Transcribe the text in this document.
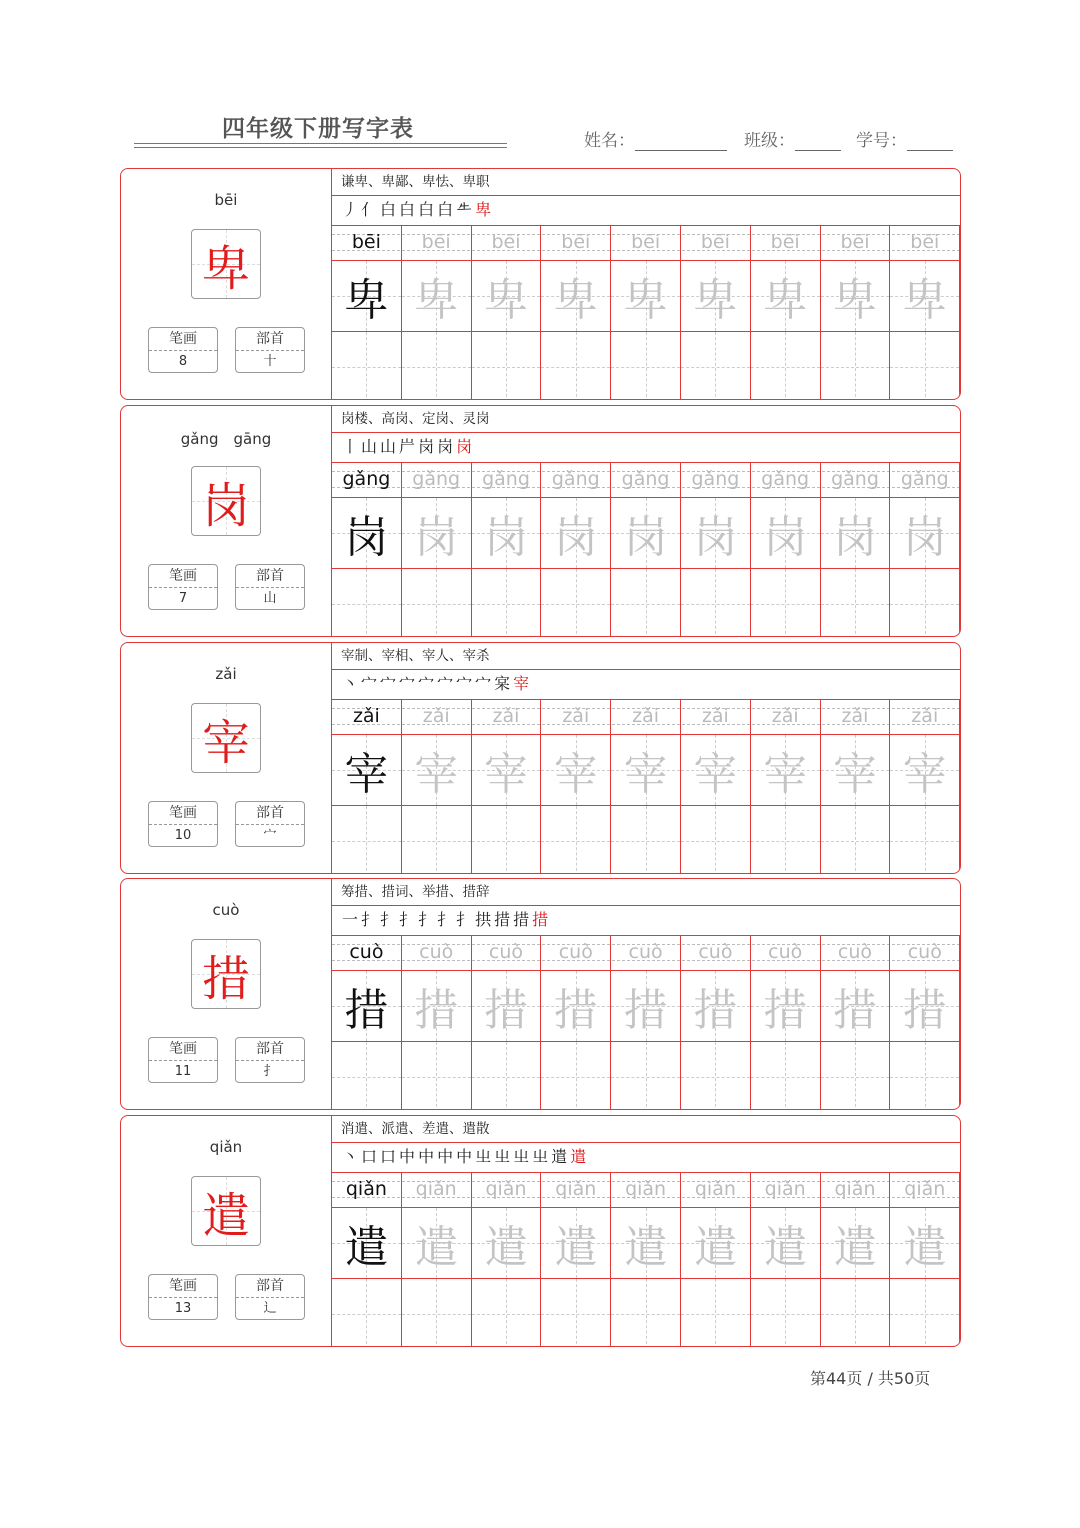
四年级下册写字表	姓名：	班级：	学号：
bēi
卑
笔画
8
部首
十
谦卑、卑鄙、卑怯、卑职
丿亻白白白白𠂒卑
bēi	bēi	bēi	bēi	bēi	bēi	bēi	bēi	bēi
卑 卑 卑 卑 卑 卑 卑 卑 卑
gǎng　gāng
岗
笔画
7
部首
山
岗楼、高岗、定岗、灵岗
丨山山屵岗岗岗
gǎng	gǎng	gǎng	gǎng	gǎng	gǎng	gǎng	gǎng	gǎng
岗 岗 岗 岗 岗 岗 岗 岗 岗
zǎi
宰
笔画
10
部首
宀
宰制、宰相、宰人、宰杀
丶宀宀宀宀宀宀宀宲宰
zǎi	zǎi	zǎi	zǎi	zǎi	zǎi	zǎi	zǎi	zǎi
宰 宰 宰 宰 宰 宰 宰 宰 宰
cuò
措
笔画
11
部首
扌
筹措、措词、举措、措辞
一扌扌扌扌扌扌拱措措措
cuò	cuò	cuò	cuò	cuò	cuò	cuò	cuò	cuò
措 措 措 措 措 措 措 措 措
qiǎn
遣
笔画
13
部首
辶
消遣、派遣、差遣、遣散
丶口口中中中中㞢㞢㞢㞢遣遣
qiǎn	qiǎn	qiǎn	qiǎn	qiǎn	qiǎn	qiǎn	qiǎn	qiǎn
遣 遣 遣 遣 遣 遣 遣 遣 遣
第44页 / 共50页
